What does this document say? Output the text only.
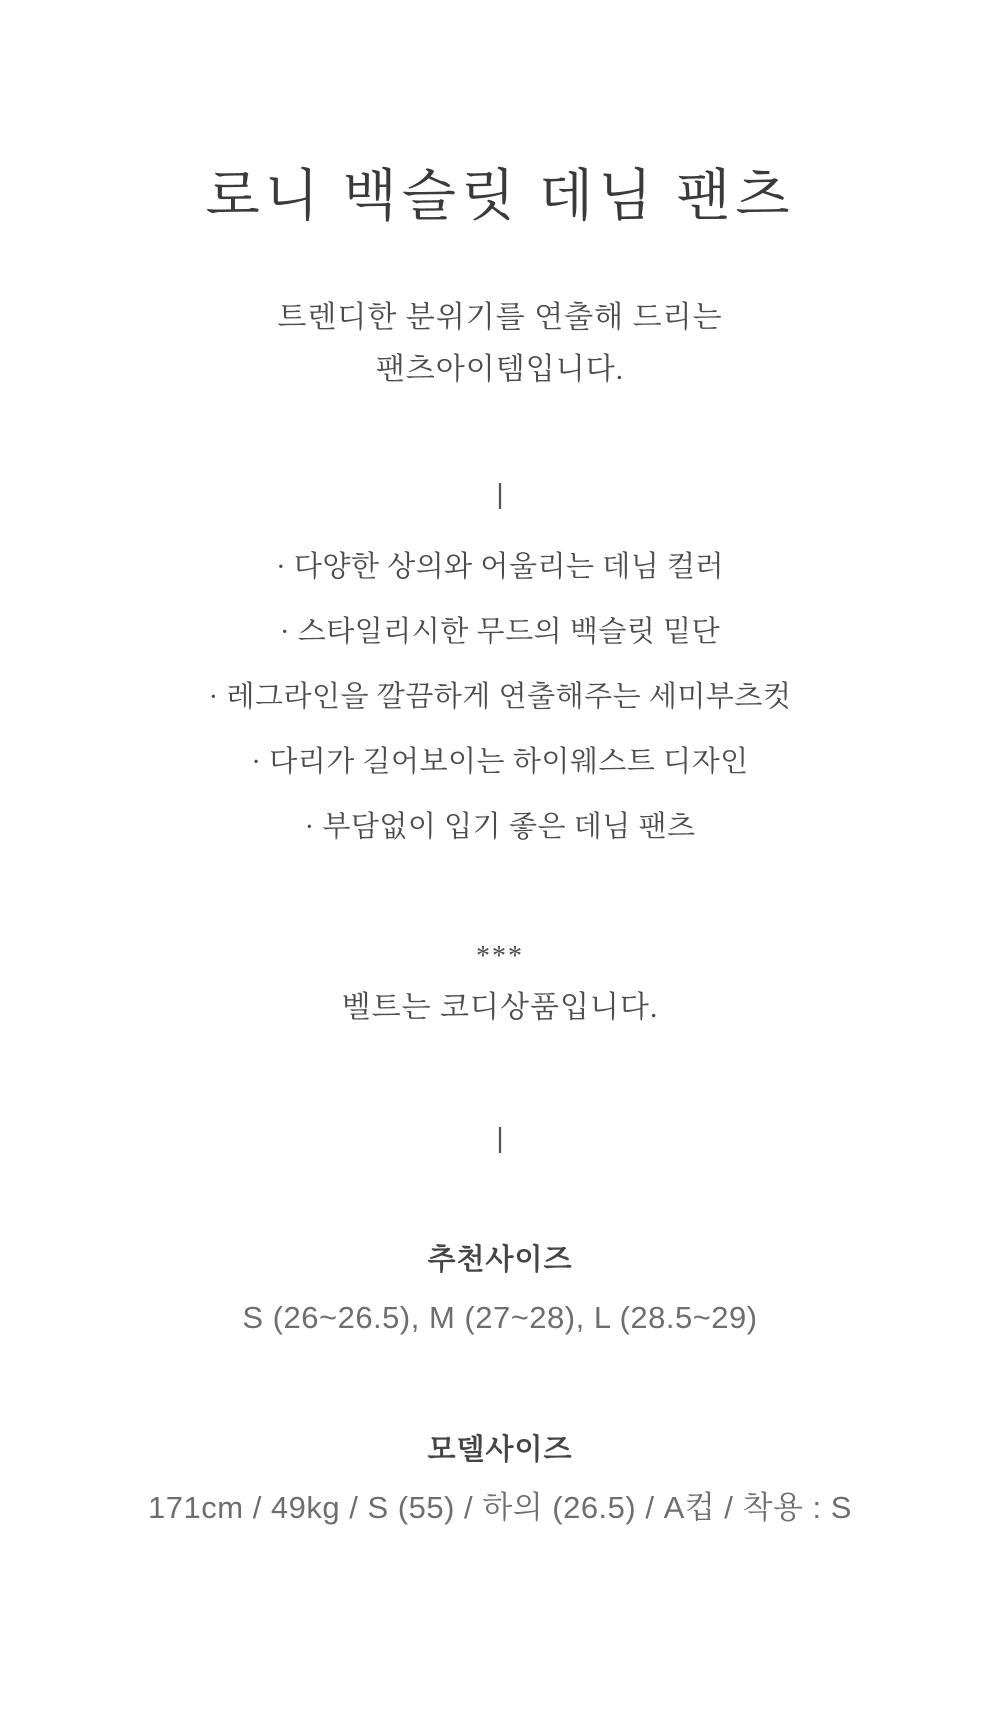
로니 백슬릿 데님 팬츠

트렌디한 분위기를 연출해 드리는

팬츠아이템입니다.

|
· 다양한 상의와 어울리는 데님 컬러
· 스타일리시한 무드의 백슬릿 밑단
· 레그라인을 깔끔하게 연출해주는 세미부츠컷
· 다리가 길어보이는 하이웨스트 디자인
· 부담없이 입기 좋은 데님 팬츠
***
벨트는 코디상품입니다.
|
추천사이즈
S (26~26.5), M (27~28), L (28.5~29)
모델사이즈
171cm / 49kg / S (55) / 하의 (26.5) / A컵 / 착용 : S
